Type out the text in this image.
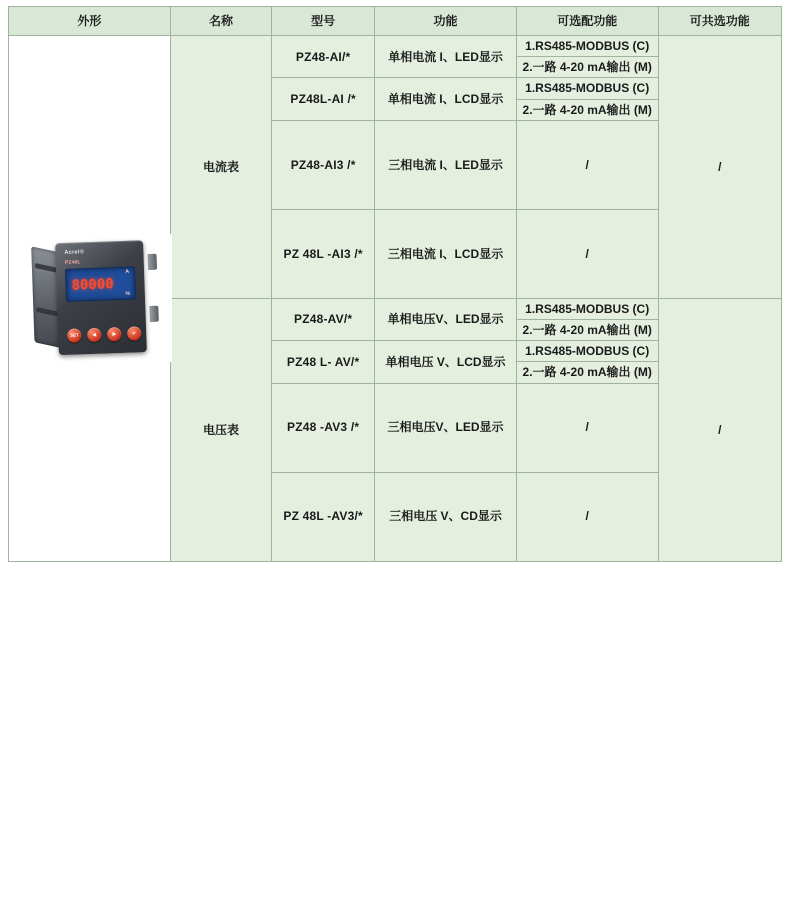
外形	名称	型号	功能	可选配功能	可共选功能

Acrel®
PZ48L
A
80000
%
SET	◀	▶	↵
	电流表	PZ48-AI/*	单相电流 I、LED显示	1.RS485-MODBUS (C)	/
				2.一路 4-20 mA输出 (M)	
		PZ48L-AI /*	单相电流 I、LCD显示	1.RS485-MODBUS (C)	
				2.一路 4-20 mA输出 (M)	
		PZ48-AI3 /*	三相电流 I、LED显示	/	
		PZ 48L -AI3 /*	三相电流 I、LCD显示	/	
	电压表	PZ48-AV/*	单相电压V、LED显示	1.RS485-MODBUS (C)	/
				2.一路 4-20 mA输出 (M)	
		PZ48 L- AV/*	单相电压 V、LCD显示	1.RS485-MODBUS (C)	
				2.一路 4-20 mA输出 (M)	
		PZ48 -AV3 /*	三相电压V、LED显示	/	
		PZ 48L -AV3/*	三相电压 V、CD显示	/	
